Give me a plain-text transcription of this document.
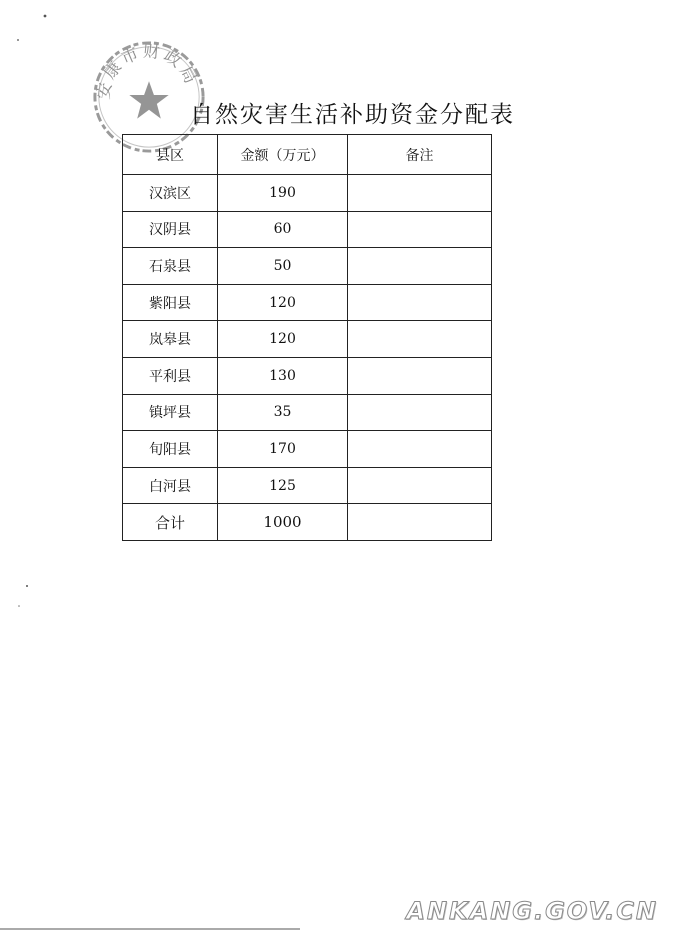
安康市财政局
自然灾害生活补助资金分配表
县区	金额（万元）	备注
汉滨区	190	
汉阴县	60	
石泉县	50	
紫阳县	120	
岚皋县	120	
平利县	130	
镇坪县	35	
旬阳县	170	
白河县	125	
合计	1000	
ANKANG.GOV.CN
